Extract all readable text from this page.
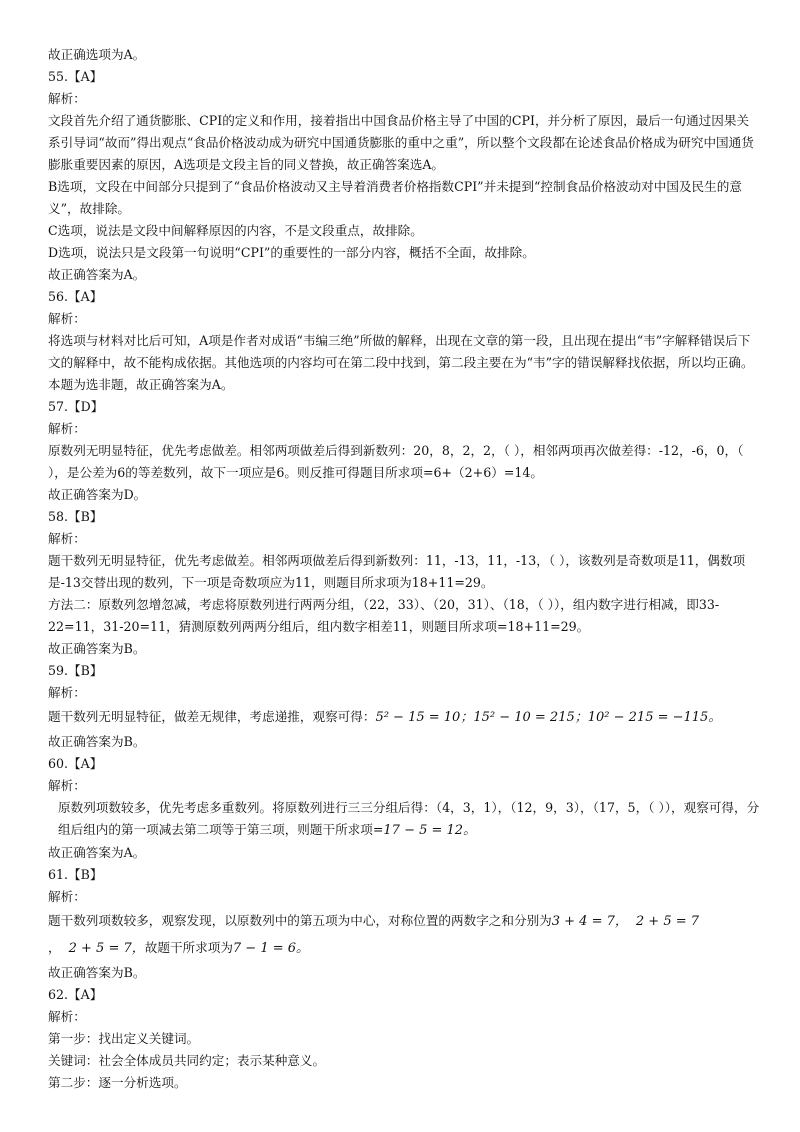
故正确选项为A。

55.【A】

解析：

文段首先介绍了通货膨胀、CPI的定义和作用，接着指出中国食品价格主导了中国的CPI，并分析了原因，最后一句通过因果关系引导词“故而”得出观点“食品价格波动成为研究中国通货膨胀的重中之重”，所以整个文段都在论述食品价格成为研究中国通货膨胀重要因素的原因，A选项是文段主旨的同义替换，故正确答案选A。

B选项，文段在中间部分只提到了“食品价格波动又主导着消费者价格指数CPI”并未提到“控制食品价格波动对中国及民生的意义”，故排除。

C选项，说法是文段中间解释原因的内容，不是文段重点，故排除。

D选项，说法只是文段第一句说明“CPI”的重要性的一部分内容，概括不全面，故排除。

故正确答案为A。

56.【A】

解析：

将选项与材料对比后可知，A项是作者对成语“韦编三绝”所做的解释，出现在文章的第一段，且出现在提出“韦”字解释错误后下文的解释中，故不能构成依据。其他选项的内容均可在第二段中找到，第二段主要在为“韦”字的错误解释找依据，所以均正确。

本题为选非题，故正确答案为A。

57.【D】

解析：

原数列无明显特征，优先考虑做差。相邻两项做差后得到新数列：20，8，2，2，（ ），相邻两项再次做差得：-12，-6，0，（ ），是公差为6的等差数列，故下一项应是6。则反推可得题目所求项=6+（2+6）=14。

故正确答案为D。

58.【B】

解析：

题干数列无明显特征，优先考虑做差。相邻两项做差后得到新数列：11，-13，11，-13，（ ），该数列是奇数项是11，偶数项是-13交替出现的数列，下一项是奇数项应为11，则题目所求项为18+11=29。

方法二：原数列忽增忽减，考虑将原数列进行两两分组，（22，33）、（20，31）、（18，（ ）），组内数字进行相减，即33-22=11，31-20=11，猜测原数列两两分组后，组内数字相差11，则题目所求项=18+11=29。

故正确答案为B。

59.【B】

解析：

题干数列无明显特征，做差无规律，考虑递推，观察可得：5² − 15 = 10；15² − 10 = 215；10² − 215 = −115。

故正确答案为B。

60.【A】

解析：

原数列项数较多，优先考虑多重数列。将原数列进行三三分组后得：（4，3，1），（12，9，3），（17，5，（ ）），观察可得，分组后组内的第一项减去第二项等于第三项，则题干所求项=17 − 5 = 12。

故正确答案为A。

61.【B】

解析：

题干数列项数较多，观察发现，以原数列中的第五项为中心，对称位置的两数字之和分别为3 + 4 = 7， 2 + 5 = 7
， 2 + 5 = 7，故题干所求项为7 − 1 = 6。

故正确答案为B。

62.【A】

解析：

第一步：找出定义关键词。

关键词：社会全体成员共同约定；表示某种意义。

第二步：逐一分析选项。
